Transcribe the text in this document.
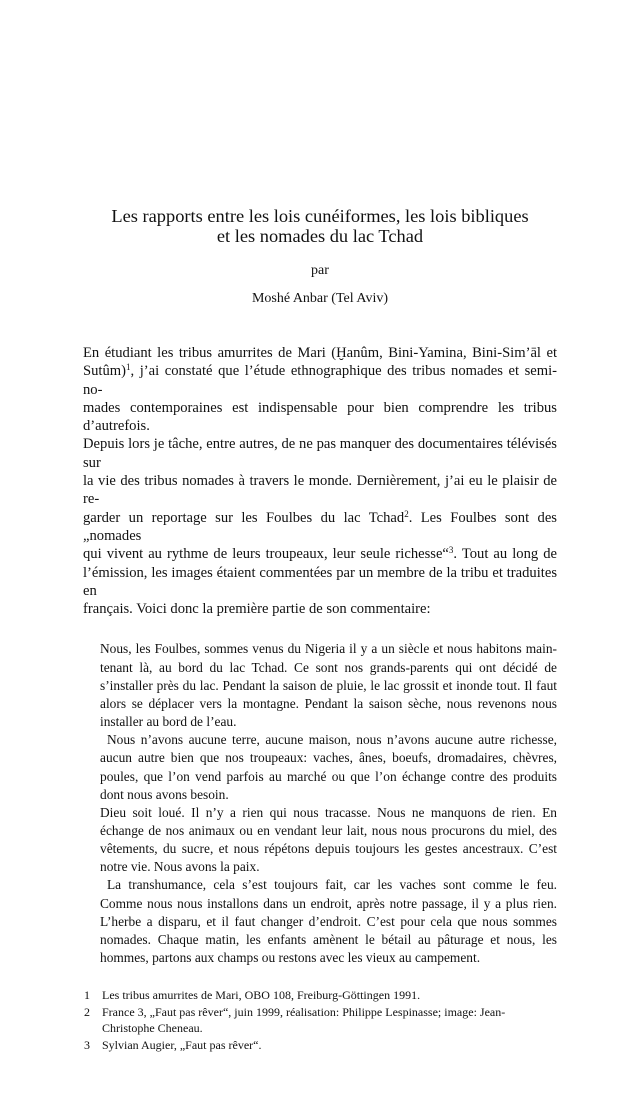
Les rapports entre les lois cunéiformes, les lois bibliques
et les nomades du lac Tchad
par
Moshé Anbar (Tel Aviv)
En étudiant les tribus amurrites de Mari (Ḫanûm, Bini-Yamina, Bini-Sim’āl et
Sutûm)$^1$, j’ai constaté que l’étude ethnographique des tribus nomades et semi-no-
mades contemporaines est indispensable pour bien comprendre les tribus d’autrefois.
Depuis lors je tâche, entre autres, de ne pas manquer des documentaires télévisés sur
la vie des tribus nomades à travers le monde. Dernièrement, j’ai eu le plaisir de re-
garder un reportage sur les Foulbes du lac Tchad$^2$. Les Foulbes sont des „nomades
qui vivent au rythme de leurs troupeaux, leur seule richesse“$^3$. Tout au long de
l’émission, les images étaient commentées par un membre de la tribu et traduites en
français. Voici donc la première partie de son commentaire:
Nous, les Foulbes, sommes venus du Nigeria il y a un siècle et nous habitons main-
tenant là, au bord du lac Tchad. Ce sont nos grands-parents qui ont décidé de
s’installer près du lac. Pendant la saison de pluie, le lac grossit et inonde tout. Il faut
alors se déplacer vers la montagne. Pendant la saison sèche, nous revenons nous
installer au bord de l’eau.
Nous n’avons aucune terre, aucune maison, nous n’avons aucune autre richesse,
aucun autre bien que nos troupeaux: vaches, ânes, boeufs, dromadaires, chèvres,
poules, que l’on vend parfois au marché ou que l’on échange contre des produits
dont nous avons besoin.
Dieu soit loué. Il n’y a rien qui nous tracasse. Nous ne manquons de rien. En
échange de nos animaux ou en vendant leur lait, nous nous procurons du miel, des
vêtements, du sucre, et nous répétons depuis toujours les gestes ancestraux. C’est
notre vie. Nous avons la paix.
La transhumance, cela s’est toujours fait, car les vaches sont comme le feu.
Comme nous nous installons dans un endroit, après notre passage, il y a plus rien.
L’herbe a disparu, et il faut changer d’endroit. C’est pour cela que nous sommes
nomades. Chaque matin, les enfants amènent le bétail au pâturage et nous, les
hommes, partons aux champs ou restons avec les vieux au campement.
1 Les tribus amurrites de Mari, OBO 108, Freiburg-Göttingen 1991.
2 France 3, „Faut pas rêver“, juin 1999, réalisation: Philippe Lespinasse; image: Jean-Christophe Cheneau.
3 Sylvian Augier, „Faut pas rêver“.
